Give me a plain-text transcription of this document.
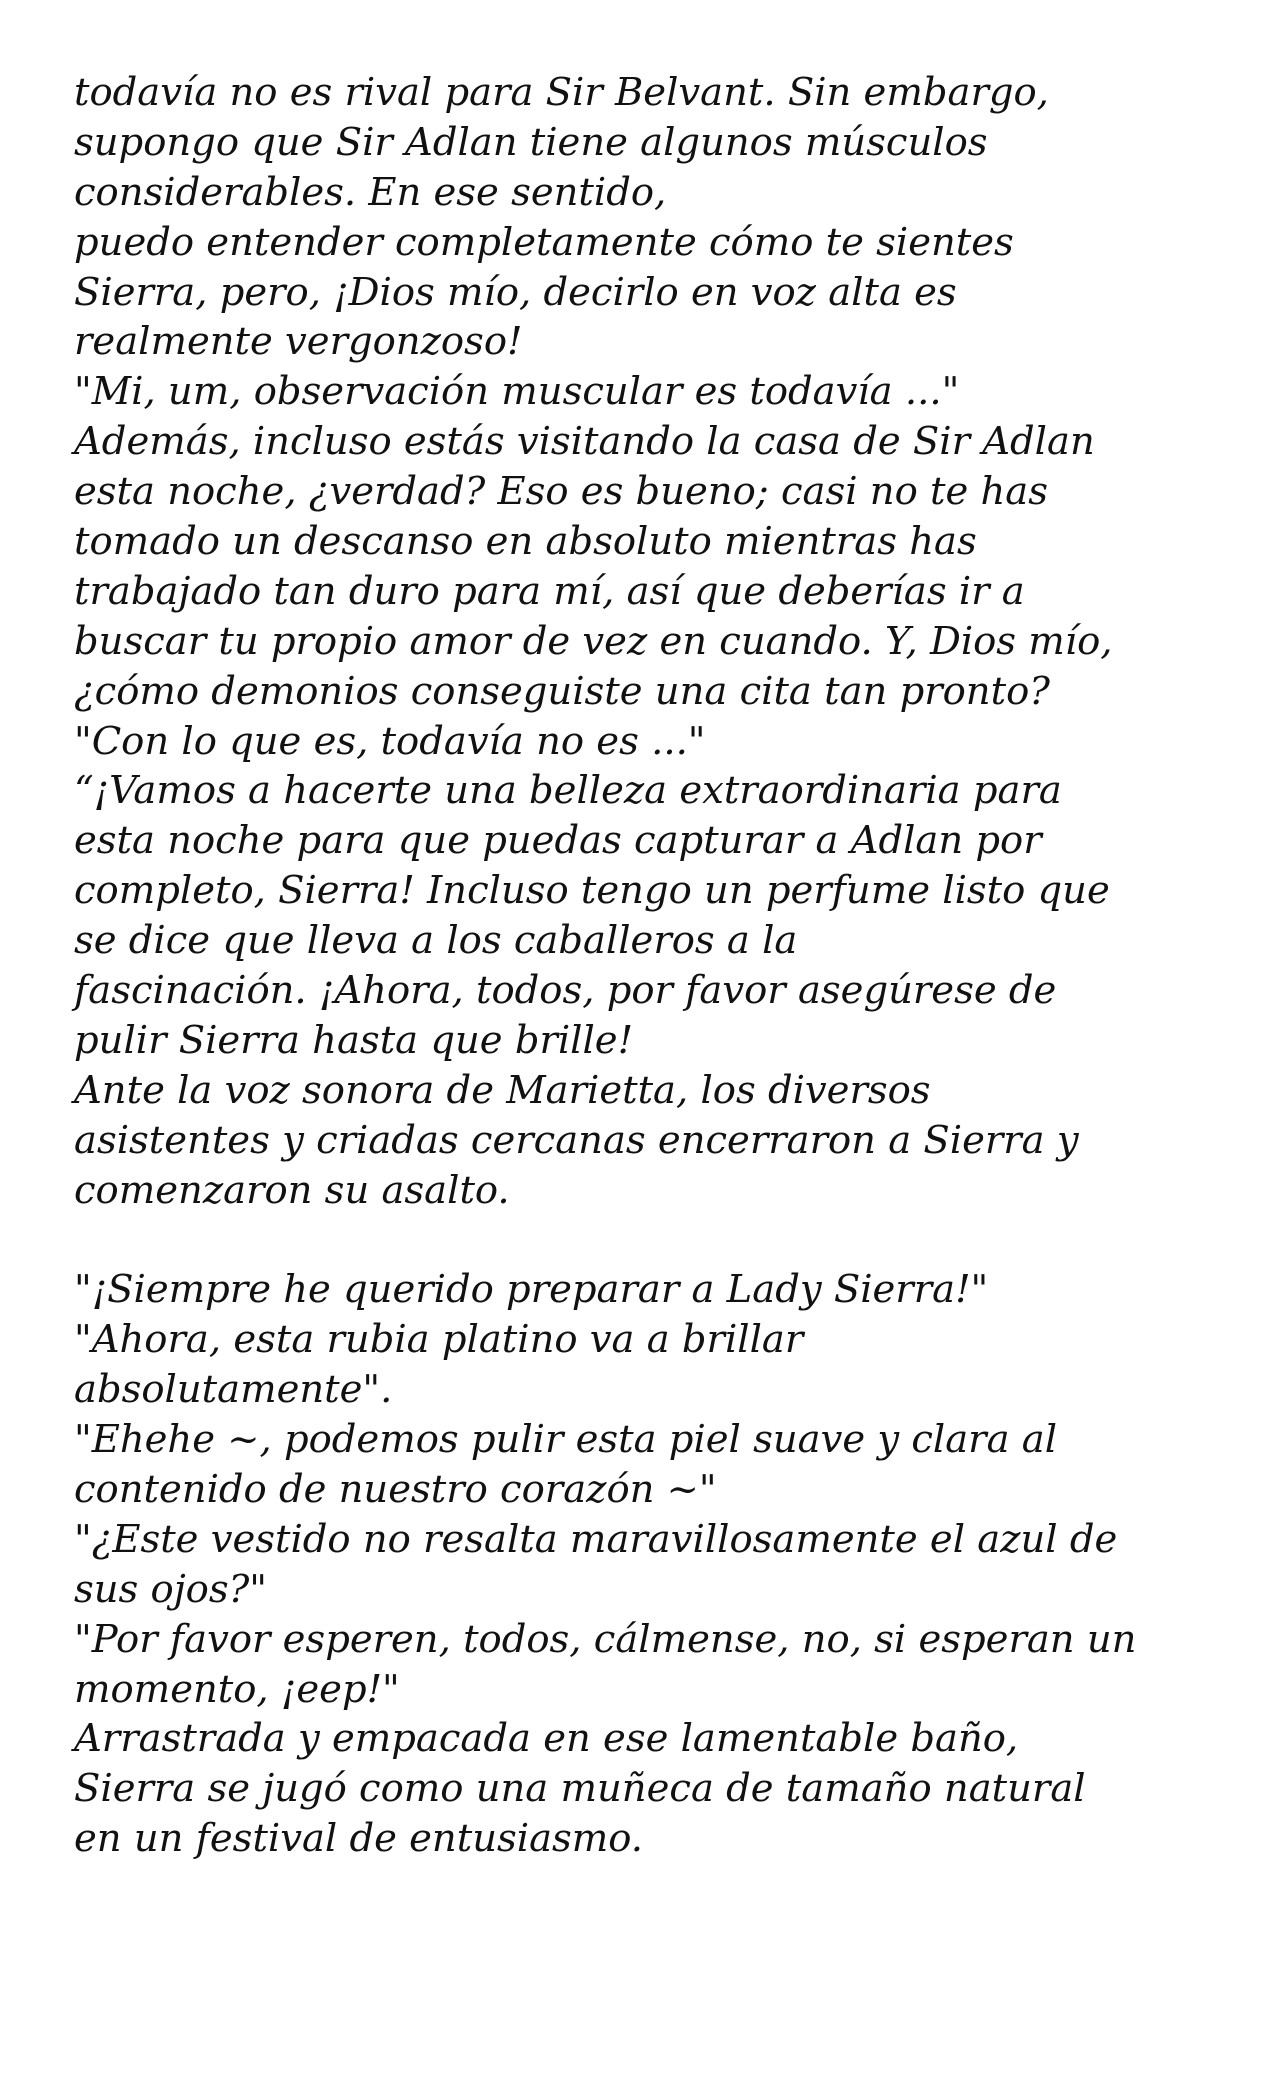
todavía no es rival para Sir Belvant. Sin embargo,
supongo que Sir Adlan tiene algunos músculos
considerables. En ese sentido,
puedo entender completamente cómo te sientes
Sierra, pero, ¡Dios mío, decirlo en voz alta es
realmente vergonzoso!
"Mi, um, observación muscular es todavía ..."
Además, incluso estás visitando la casa de Sir Adlan
esta noche, ¿verdad? Eso es bueno; casi no te has
tomado un descanso en absoluto mientras has
trabajado tan duro para mí, así que deberías ir a
buscar tu propio amor de vez en cuando. Y, Dios mío,
¿cómo demonios conseguiste una cita tan pronto?
"Con lo que es, todavía no es ..."
“¡Vamos a hacerte una belleza extraordinaria para
esta noche para que puedas capturar a Adlan por
completo, Sierra! Incluso tengo un perfume listo que
se dice que lleva a los caballeros a la
fascinación. ¡Ahora, todos, por favor asegúrese de
pulir Sierra hasta que brille!
Ante la voz sonora de Marietta, los diversos
asistentes y criadas cercanas encerraron a Sierra y
comenzaron su asalto.
"¡Siempre he querido preparar a Lady Sierra!"
"Ahora, esta rubia platino va a brillar
absolutamente".
"Ehehe ~, podemos pulir esta piel suave y clara al
contenido de nuestro corazón ~"
"¿Este vestido no resalta maravillosamente el azul de
sus ojos?"
"Por favor esperen, todos, cálmense, no, si esperan un
momento, ¡eep!"
Arrastrada y empacada en ese lamentable baño,
Sierra se jugó como una muñeca de tamaño natural
en un festival de entusiasmo.
